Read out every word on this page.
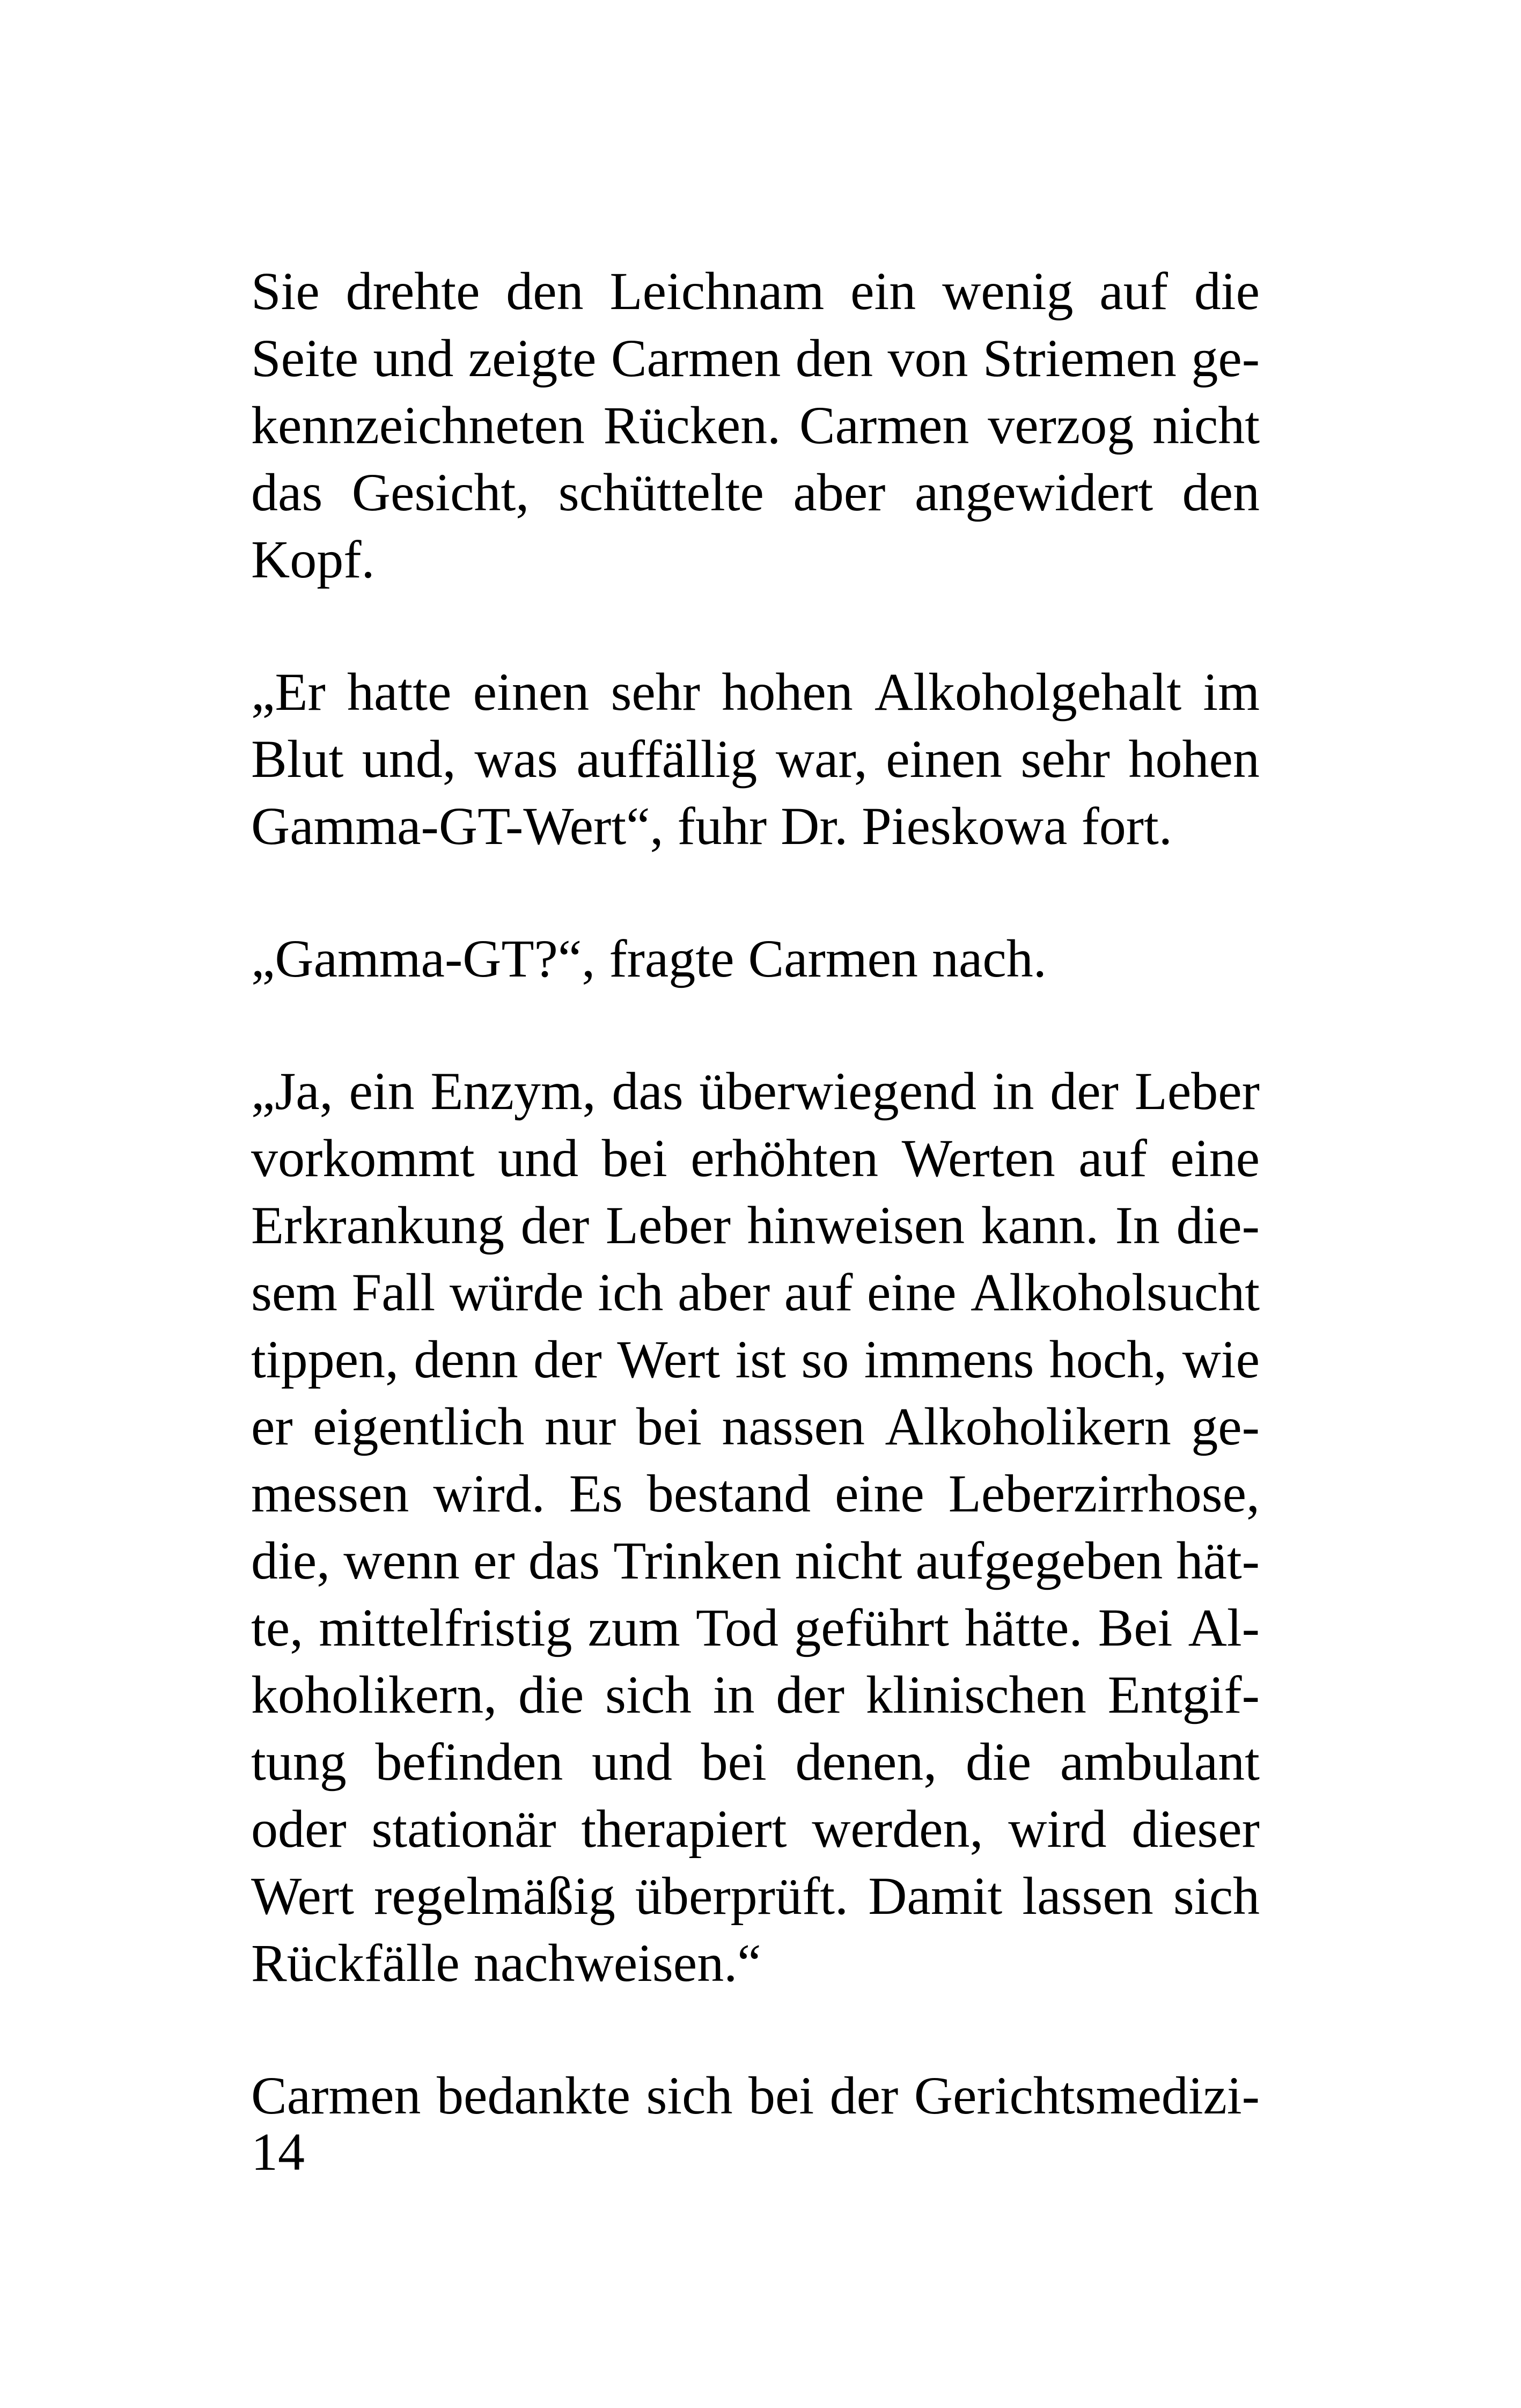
Sie drehte den Leichnam ein wenig auf die
Seite und zeigte Carmen den von Striemen ge-
kennzeichneten Rücken. Carmen verzog nicht
das Gesicht, schüttelte aber angewidert den
Kopf.
„Er hatte einen sehr hohen Alkoholgehalt im
Blut und, was auffällig war, einen sehr hohen
Gamma-GT-Wert“, fuhr Dr. Pieskowa fort.
„Gamma-GT?“, fragte Carmen nach.
„Ja, ein Enzym, das überwiegend in der Leber
vorkommt und bei erhöhten Werten auf eine
Erkrankung der Leber hinweisen kann. In die-
sem Fall würde ich aber auf eine Alkoholsucht
tippen, denn der Wert ist so immens hoch, wie
er eigentlich nur bei nassen Alkoholikern ge-
messen wird. Es bestand eine Leberzirrhose,
die, wenn er das Trinken nicht aufgegeben hät-
te, mittelfristig zum Tod geführt hätte. Bei Al-
koholikern, die sich in der klinischen Entgif-
tung befinden und bei denen, die ambulant
oder stationär therapiert werden, wird dieser
Wert regelmäßig überprüft. Damit lassen sich
Rückfälle nachweisen.“
Carmen bedankte sich bei der Gerichtsmedizi-
14
